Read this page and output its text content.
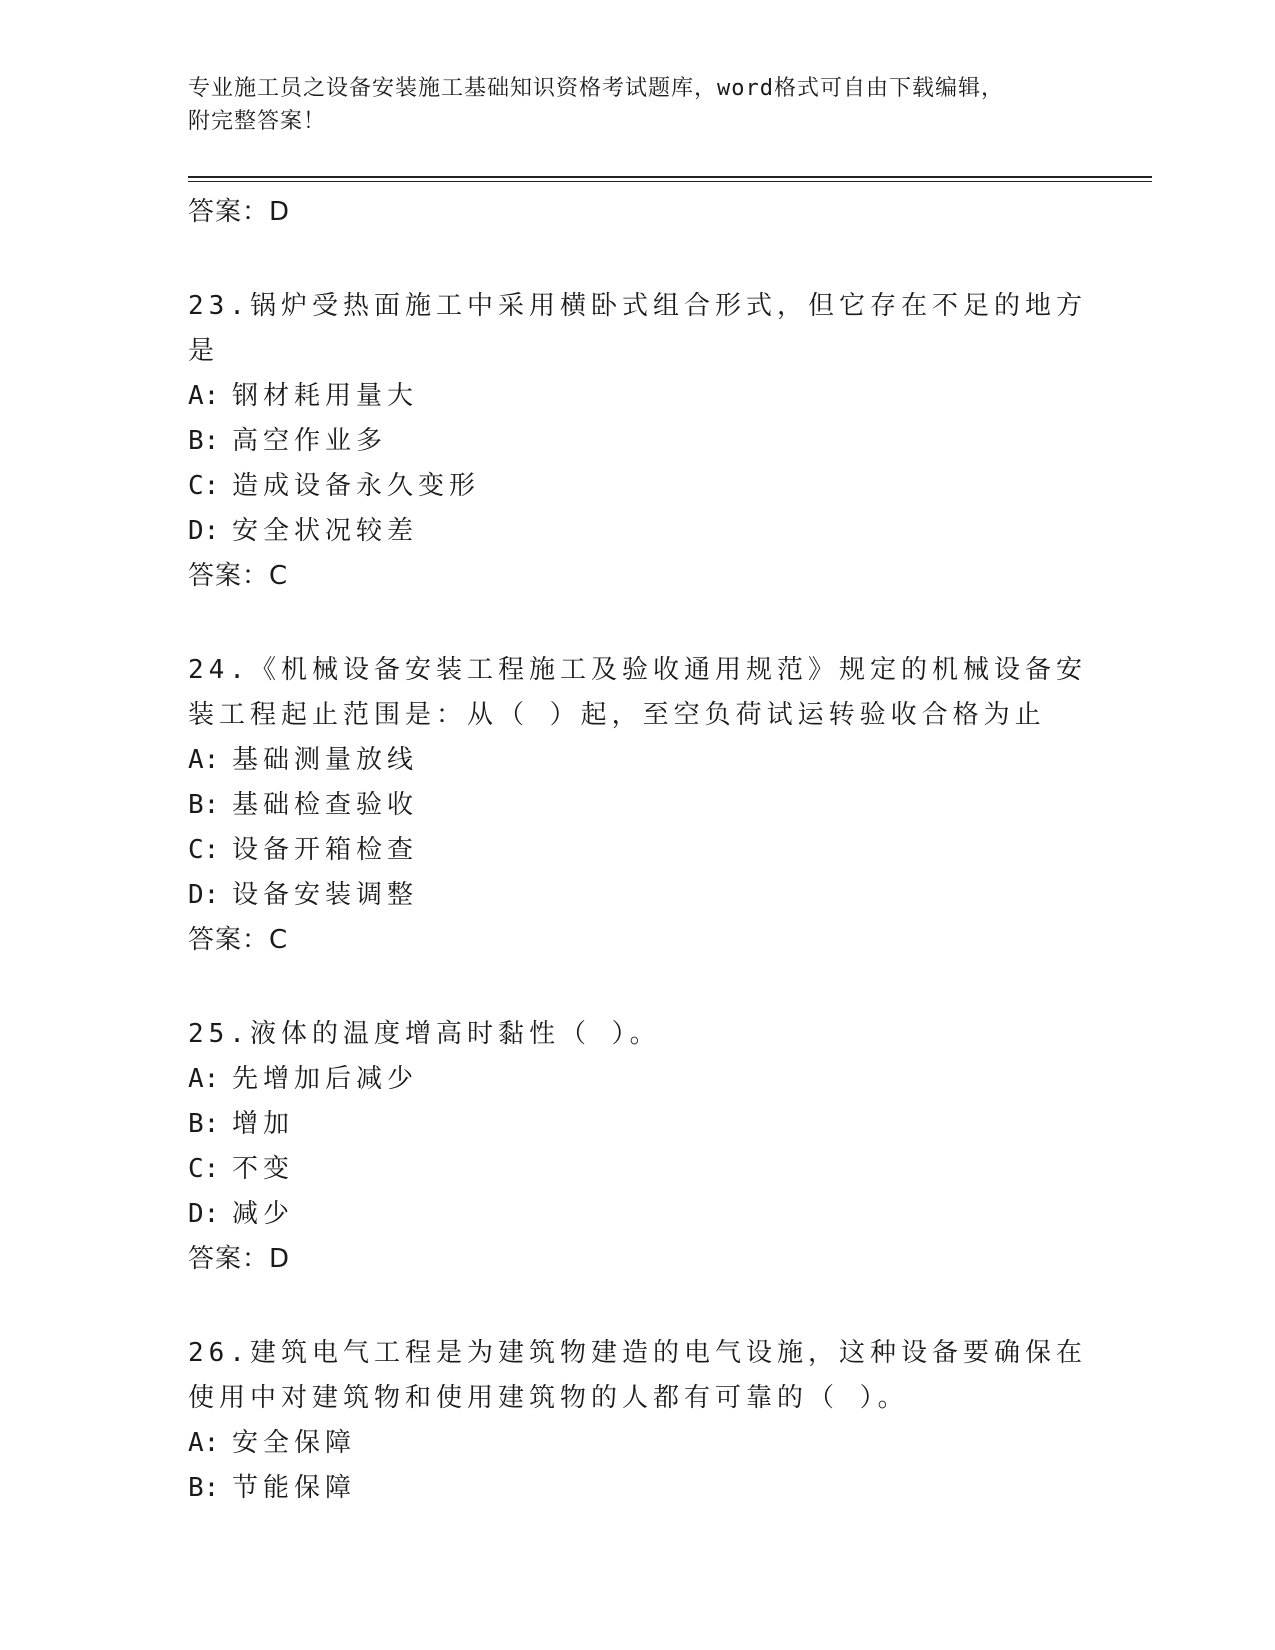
专业施工员之设备安装施工基础知识资格考试题库，word格式可自由下载编辑，
附完整答案！
答案：D
23.锅炉受热面施工中采用横卧式组合形式，但它存在不足的地方是
A: 钢材耗用量大
B: 高空作业多
C: 造成设备永久变形
D: 安全状况较差
答案：C
24.《机械设备安装工程施工及验收通用规范》规定的机械设备安装工程起止范围是：从（ ）起，至空负荷试运转验收合格为止
A: 基础测量放线
B: 基础检查验收
C: 设备开箱检查
D: 设备安装调整
答案：C
25.液体的温度增高时黏性（ ）。
A: 先增加后减少
B: 增加
C: 不变
D: 减少
答案：D
26.建筑电气工程是为建筑物建造的电气设施，这种设备要确保在使用中对建筑物和使用建筑物的人都有可靠的（ ）。
A: 安全保障
B: 节能保障
